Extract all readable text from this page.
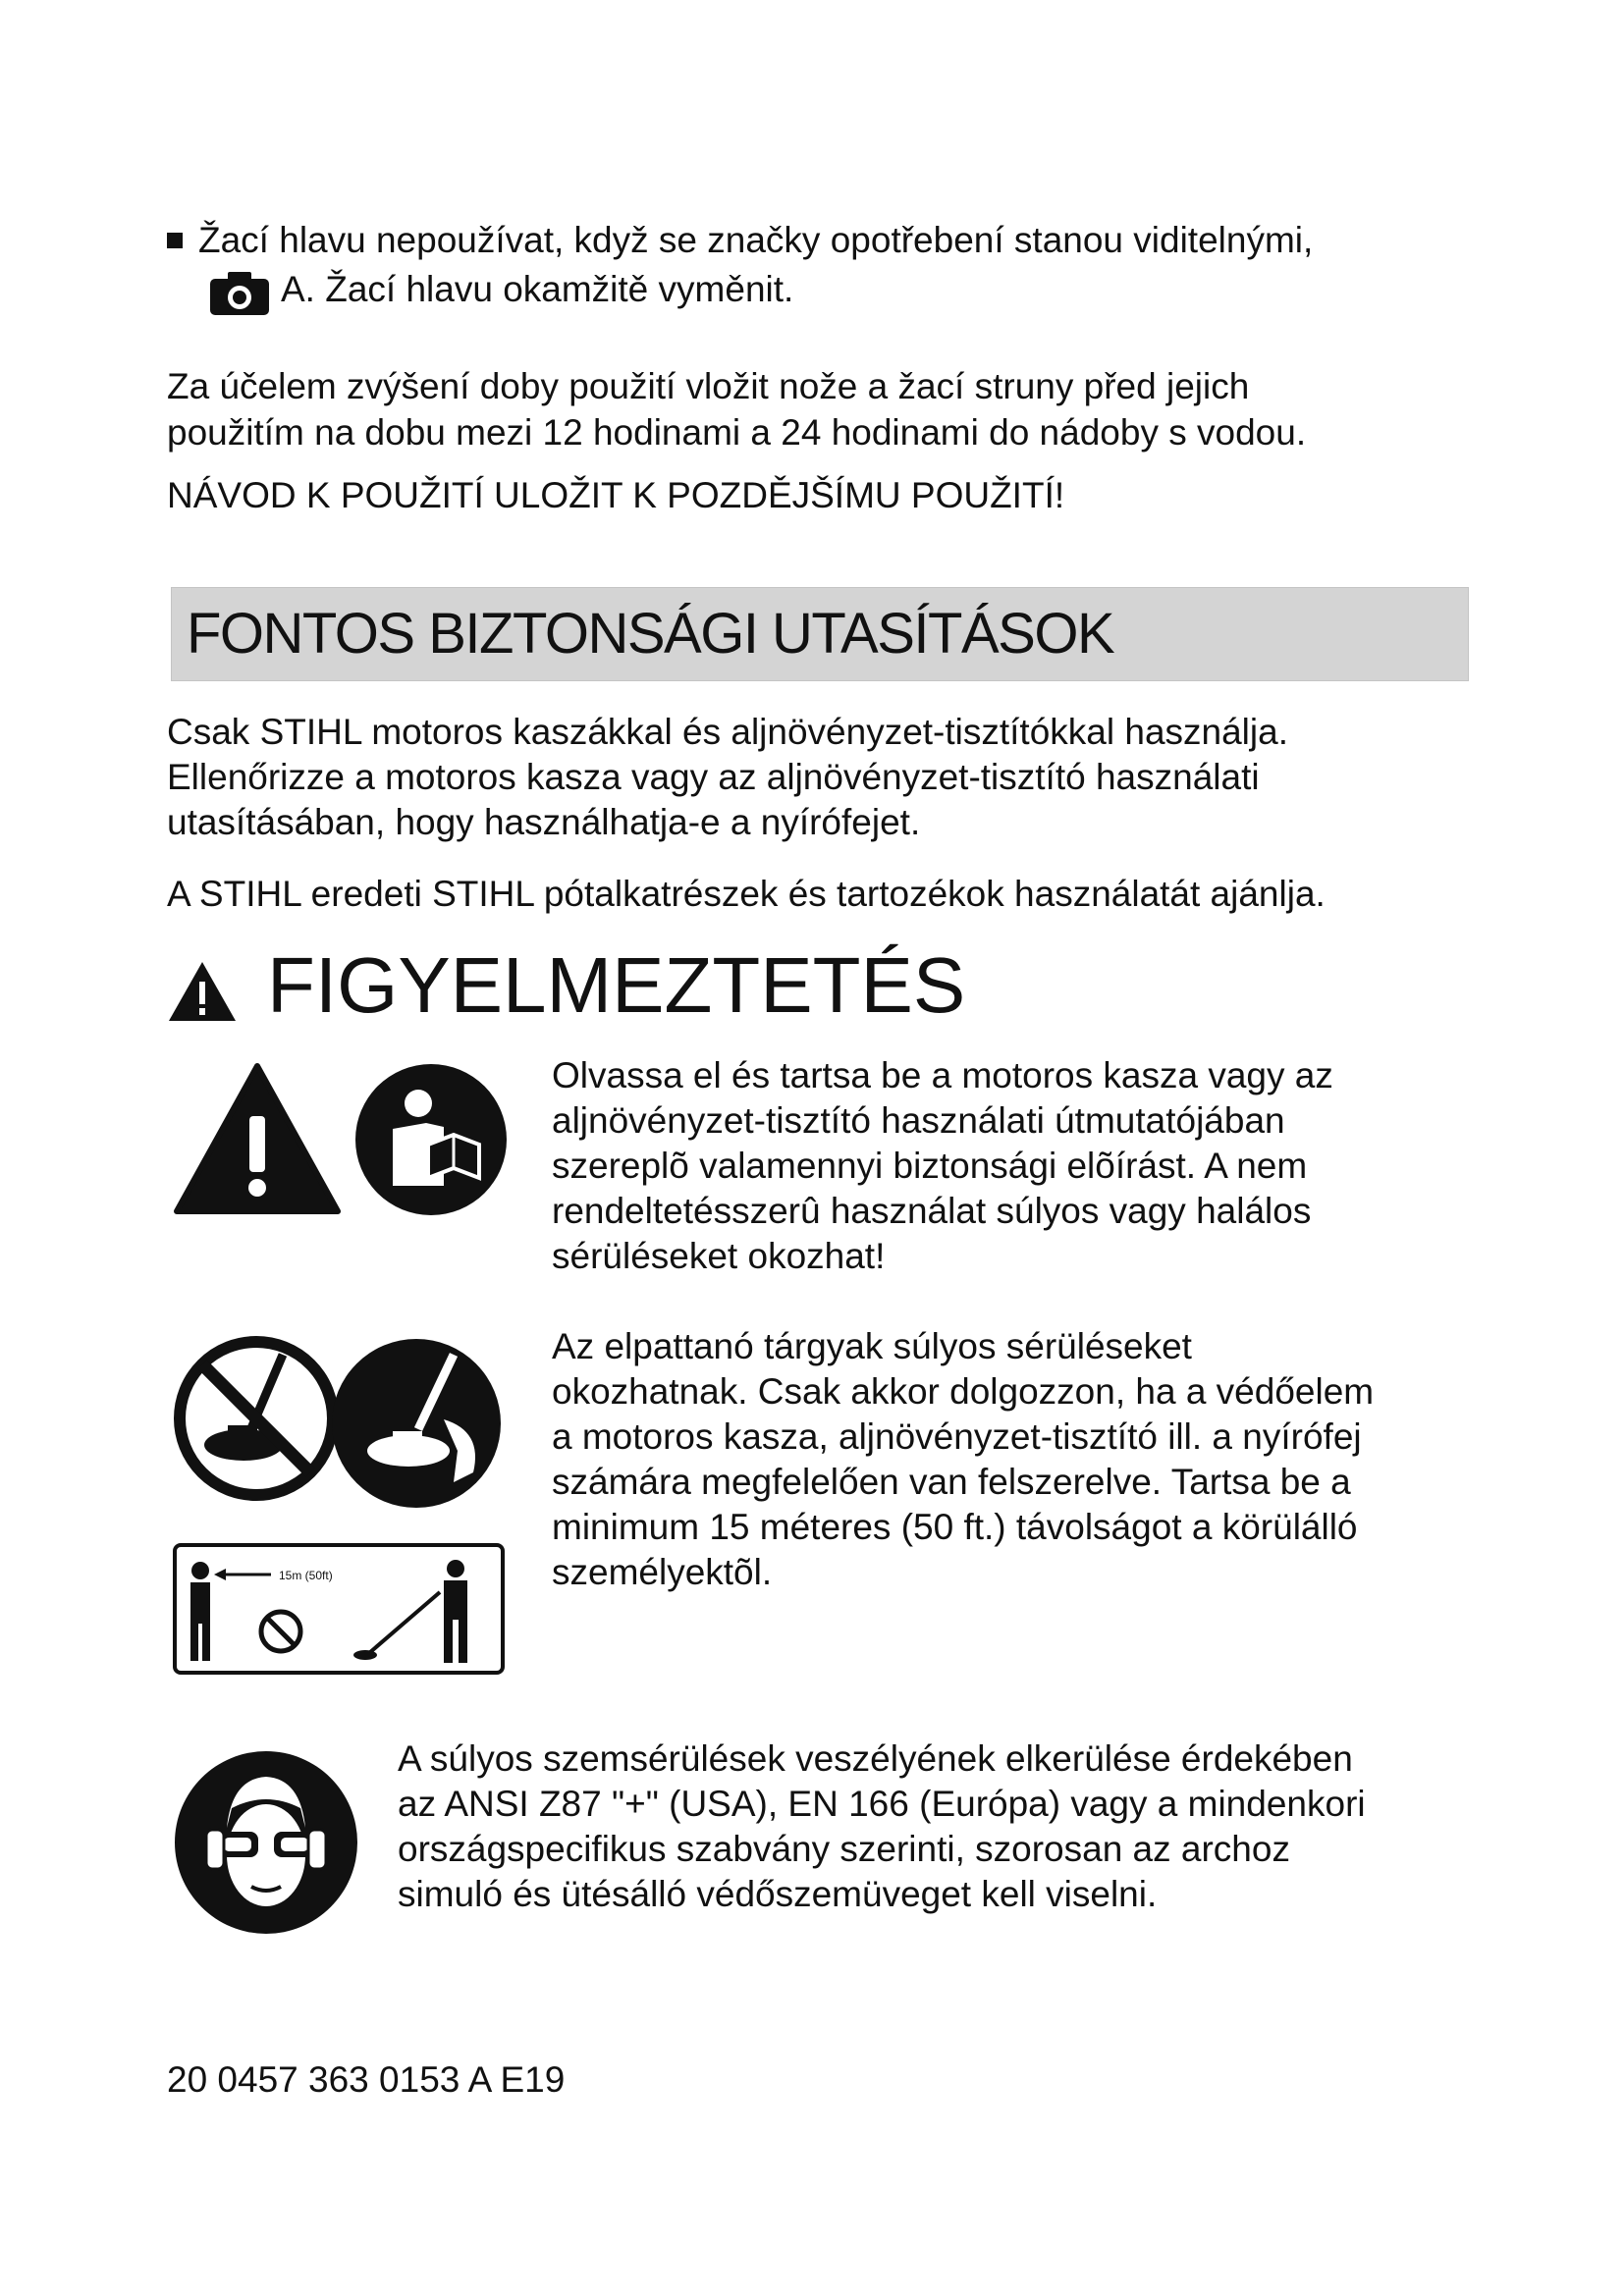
Žací hlavu nepoužívat, když se značky opotřebení stanou viditelnými,
A. Žací hlavu okamžitě vyměnit.
Za účelem zvýšení doby použití vložit nože a žací struny před jejich
použitím na dobu mezi 12 hodinami a 24 hodinami do nádoby s vodou.
NÁVOD K POUŽITÍ ULOŽIT K POZDĚJŠÍMU POUŽITÍ!
FONTOS BIZTONSÁGI UTASÍTÁSOK
Csak STIHL motoros kaszákkal és aljnövényzet-tisztítókkal használja.
Ellenőrizze a motoros kasza vagy az aljnövényzet-tisztító használati
utasításában, hogy használhatja-e a nyírófejet.
A STIHL eredeti STIHL pótalkatrészek és tartozékok használatát ajánlja.
FIGYELMEZTETÉS
Olvassa el és tartsa be a motoros kasza vagy az
aljnövényzet-tisztító használati útmutatójában
szereplõ valamennyi biztonsági elõírást. A nem
rendeltetésszerû használat súlyos vagy halálos
sérüléseket okozhat!
15m (50ft)
Az elpattanó tárgyak súlyos sérüléseket
okozhatnak. Csak akkor dolgozzon, ha a védőelem
a motoros kasza, aljnövényzet-tisztító ill. a nyírófej
számára megfelelően van felszerelve. Tartsa be a
minimum 15 méteres (50 ft.) távolságot a körülálló
személyektõl.
A súlyos szemsérülések veszélyének elkerülése érdekében
az ANSI Z87 "+" (USA), EN 166 (Európa) vagy a mindenkori
országspecifikus szabvány szerinti, szorosan az archoz
simuló és ütésálló védőszemüveget kell viselni.
20 0457 363 0153 A E19
